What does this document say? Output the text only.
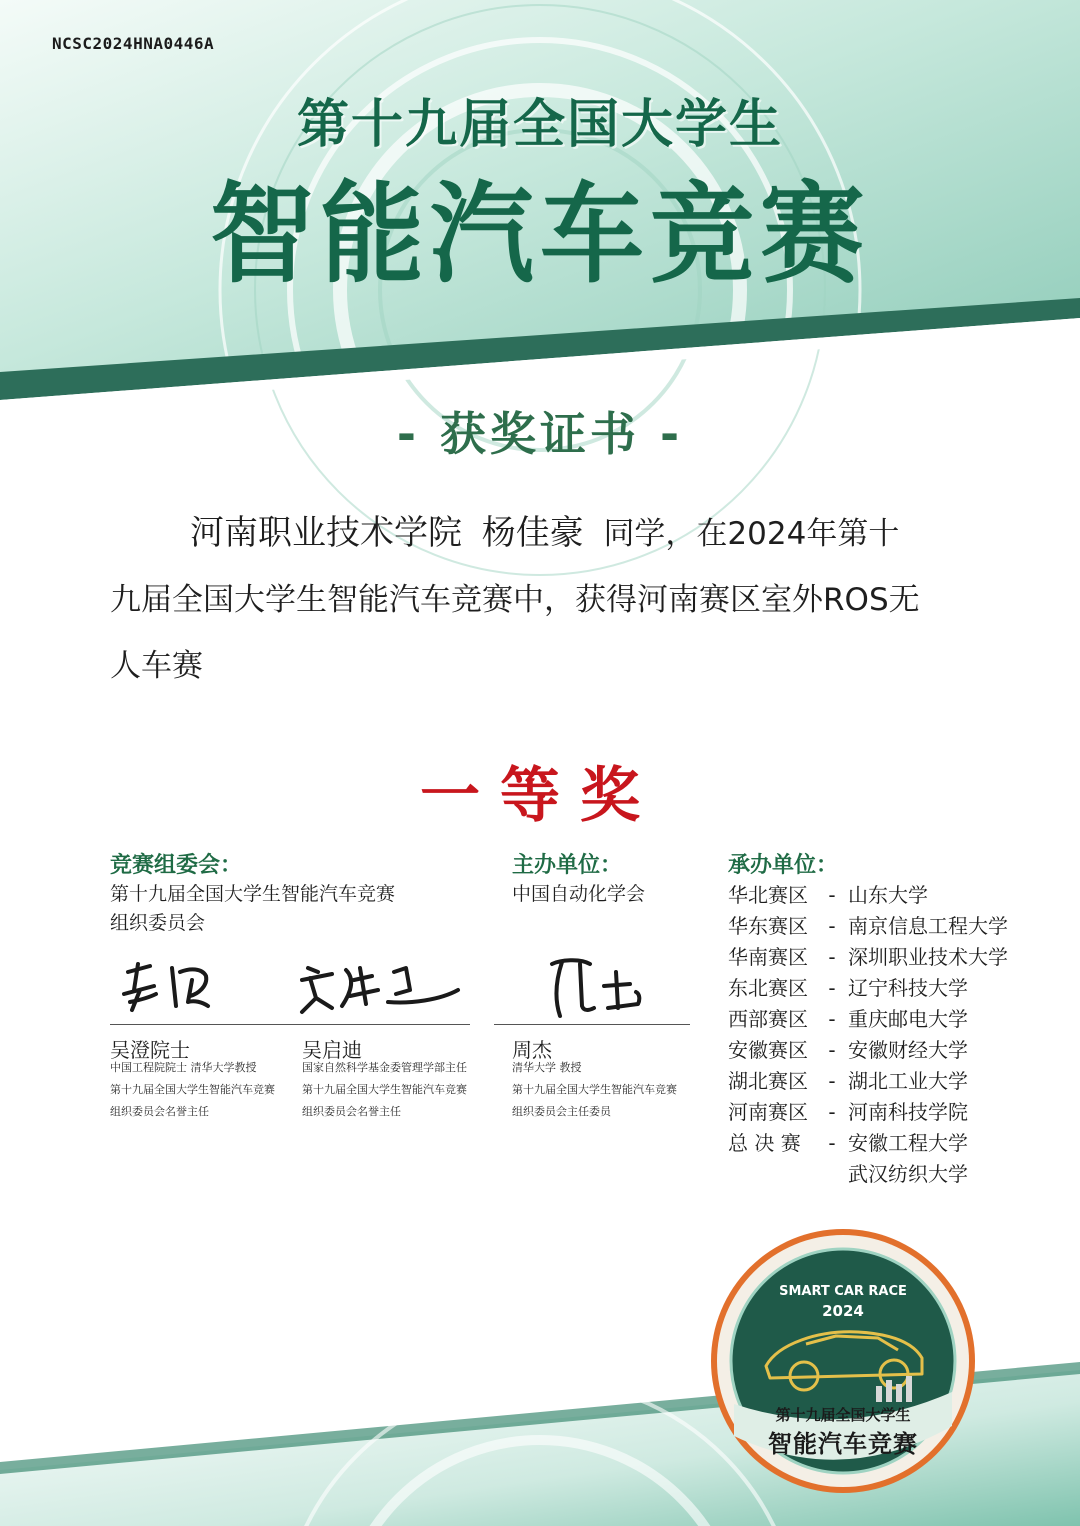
NCSC2024HNA0446A
第十九届全国大学生
智能汽车竞赛
- 获奖证书 -
河南职业技术学院 杨佳豪 同学，在2024年第十
九届全国大学生智能汽车竞赛中，获得河南赛区室外ROS无
人车赛
一等奖
竞赛组委会：
第十九届全国大学生智能汽车竞赛
组织委员会
主办单位：
中国自动化学会
承办单位：
华北赛区	- 山东大学
华东赛区	- 南京信息工程大学
华南赛区	- 深圳职业技术大学
东北赛区	- 辽宁科技大学
西部赛区	- 重庆邮电大学
安徽赛区	- 安徽财经大学
湖北赛区	- 湖北工业大学
河南赛区	- 河南科技学院
总 决 赛	- 安徽工程大学
武汉纺织大学
吴澄院士
中国工程院院士 清华大学教授
第十九届全国大学生智能汽车竞赛
组织委员会名誉主任
吴启迪
国家自然科学基金委管理学部主任
第十九届全国大学生智能汽车竞赛
组织委员会名誉主任
周杰
清华大学 教授
第十九届全国大学生智能汽车竞赛
组织委员会主任委员
SMART CAR RACE
2024
第十九届全国大学生
智能汽车竞赛
